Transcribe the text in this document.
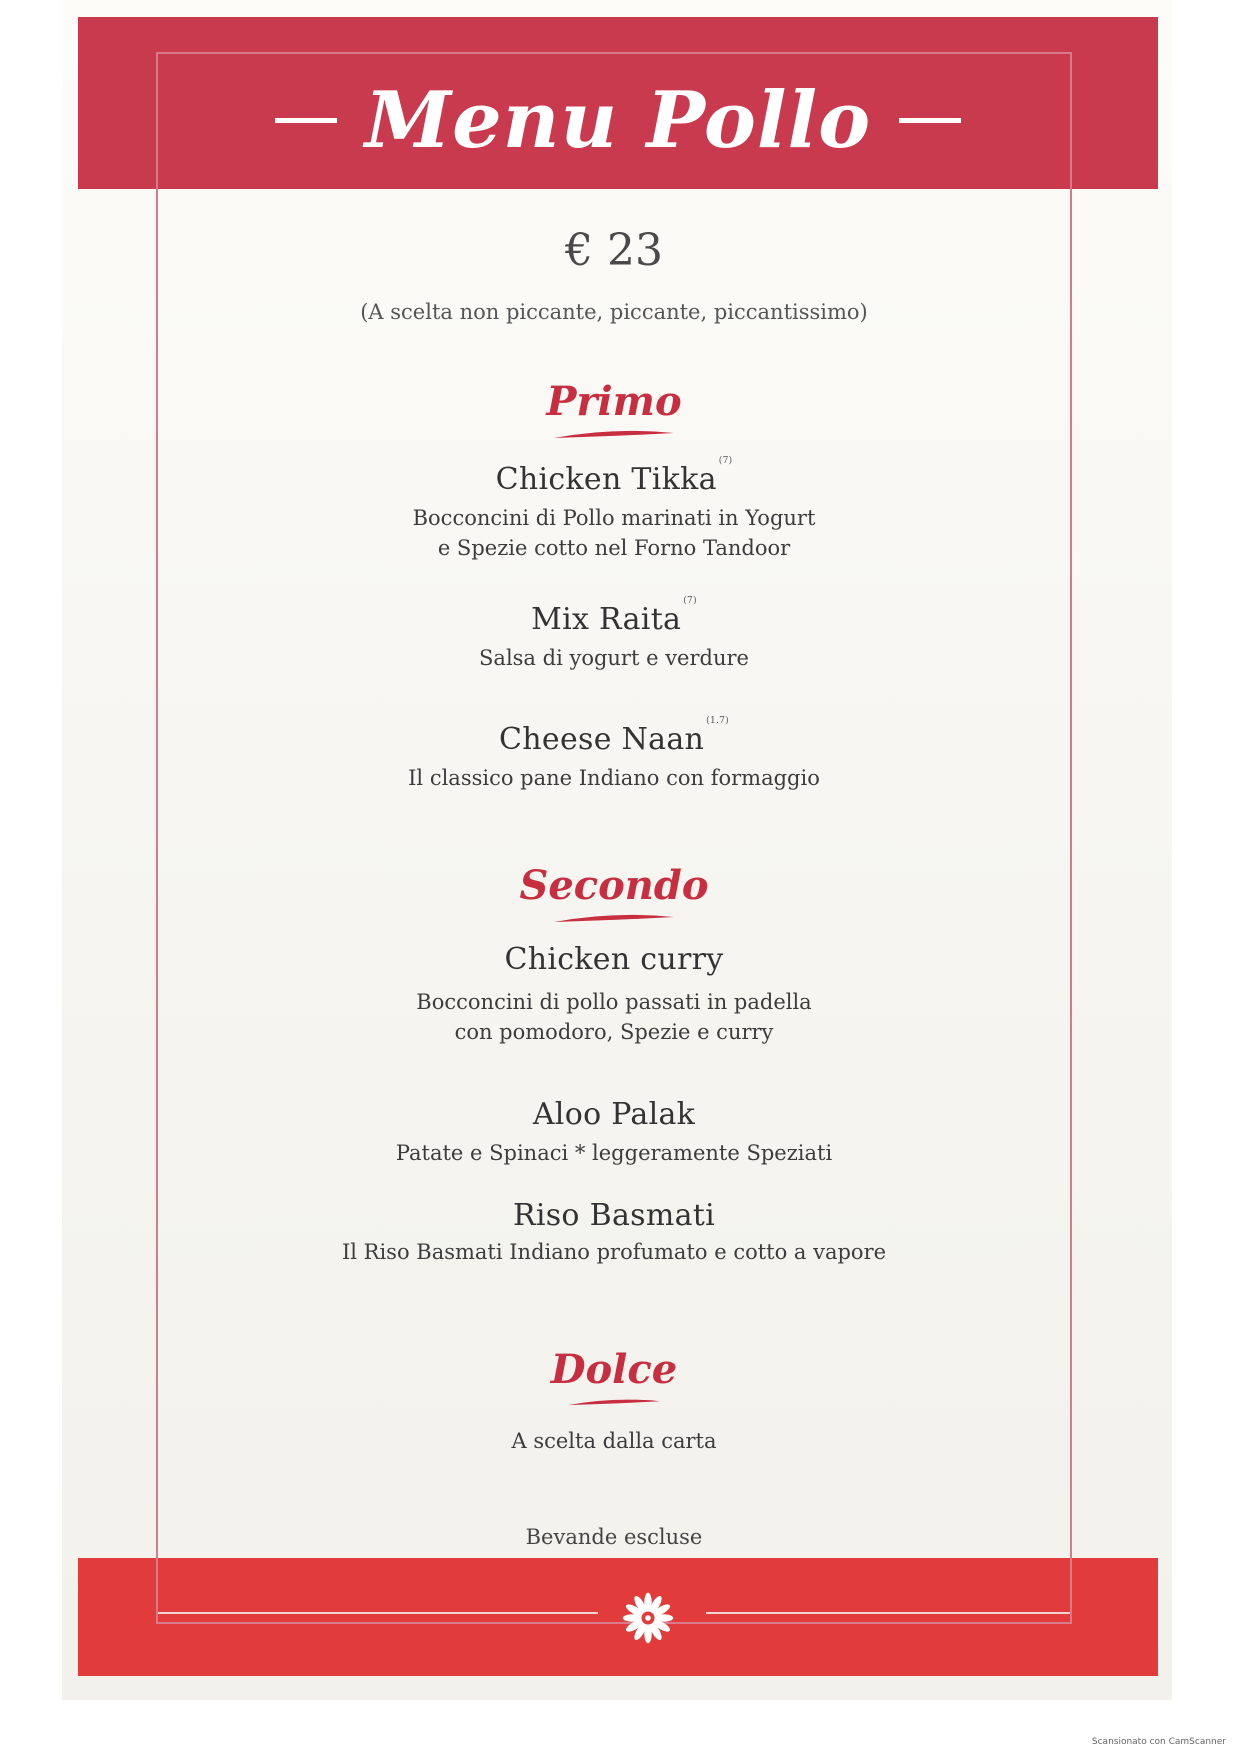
Menu Pollo
€ 23
(A scelta non piccante, piccante, piccantissimo)
Primo
Chicken Tikka$^{(7)}$
Bocconcini di Pollo marinati in Yogurt
e Spezie cotto nel Forno Tandoor
Mix Raita$^{(7)}$
Salsa di yogurt e verdure
Cheese Naan$^{(1.7)}$
Il classico pane Indiano con formaggio
Secondo
Chicken curry
Bocconcini di pollo passati in padella
con pomodoro, Spezie e curry
Aloo Palak
Patate e Spinaci * leggeramente Speziati
Riso Basmati
Il Riso Basmati Indiano profumato e cotto a vapore
Dolce
A scelta dalla carta
Bevande escluse
Scansionato con CamScanner
